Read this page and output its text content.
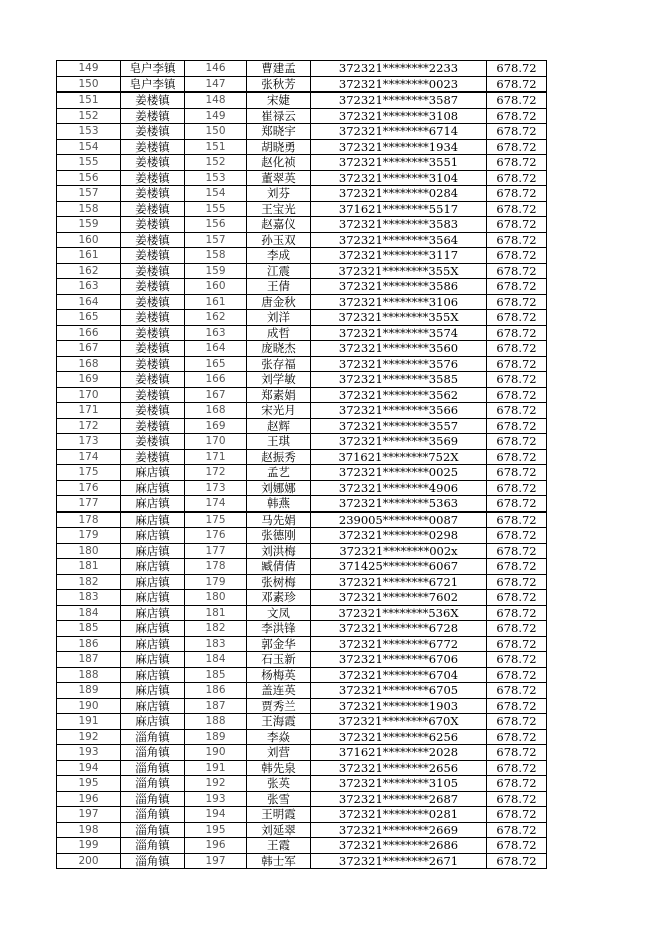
149	皂户李镇	146	曹建孟	372321********2233	678.72
150	皂户李镇	147	张秋芳	372321********0023	678.72
151	姜楼镇	148	宋婕	372321********3587	678.72
152	姜楼镇	149	崔禄云	372321********3108	678.72
153	姜楼镇	150	郑晓宇	372321********6714	678.72
154	姜楼镇	151	胡晓勇	372321********1934	678.72
155	姜楼镇	152	赵化祯	372321********3551	678.72
156	姜楼镇	153	董翠英	372321********3104	678.72
157	姜楼镇	154	刘芬	372321********0284	678.72
158	姜楼镇	155	王宝光	371621********5517	678.72
159	姜楼镇	156	赵嘉仪	372321********3583	678.72
160	姜楼镇	157	孙玉双	372321********3564	678.72
161	姜楼镇	158	李成	372321********3117	678.72
162	姜楼镇	159	江震	372321********355X	678.72
163	姜楼镇	160	王倩	372321********3586	678.72
164	姜楼镇	161	唐金秋	372321********3106	678.72
165	姜楼镇	162	刘洋	372321********355X	678.72
166	姜楼镇	163	成哲	372321********3574	678.72
167	姜楼镇	164	庞晓杰	372321********3560	678.72
168	姜楼镇	165	张存福	372321********3576	678.72
169	姜楼镇	166	刘学敏	372321********3585	678.72
170	姜楼镇	167	郑素娟	372321********3562	678.72
171	姜楼镇	168	宋光月	372321********3566	678.72
172	姜楼镇	169	赵辉	372321********3557	678.72
173	姜楼镇	170	王琪	372321********3569	678.72
174	姜楼镇	171	赵振秀	371621********752X	678.72
175	麻店镇	172	孟艺	372321********0025	678.72
176	麻店镇	173	刘娜娜	372321********4906	678.72
177	麻店镇	174	韩燕	372321********5363	678.72
178	麻店镇	175	马先娟	239005********0087	678.72
179	麻店镇	176	张德刚	372321********0298	678.72
180	麻店镇	177	刘洪梅	372321********002x	678.72
181	麻店镇	178	臧倩倩	371425********6067	678.72
182	麻店镇	179	张树梅	372321********6721	678.72
183	麻店镇	180	邓素珍	372321********7602	678.72
184	麻店镇	181	文凤	372321********536X	678.72
185	麻店镇	182	李洪锋	372321********6728	678.72
186	麻店镇	183	郭金华	372321********6772	678.72
187	麻店镇	184	石玉新	372321********6706	678.72
188	麻店镇	185	杨梅英	372321********6704	678.72
189	麻店镇	186	盖连英	372321********6705	678.72
190	麻店镇	187	贾秀兰	372321********1903	678.72
191	麻店镇	188	王海霞	372321********670X	678.72
192	淄角镇	189	李焱	372321********6256	678.72
193	淄角镇	190	刘营	371621********2028	678.72
194	淄角镇	191	韩先泉	372321********2656	678.72
195	淄角镇	192	张英	372321********3105	678.72
196	淄角镇	193	张雪	372321********2687	678.72
197	淄角镇	194	王明霞	372321********0281	678.72
198	淄角镇	195	刘延翠	372321********2669	678.72
199	淄角镇	196	王霞	372321********2686	678.72
200	淄角镇	197	韩士军	372321********2671	678.72
